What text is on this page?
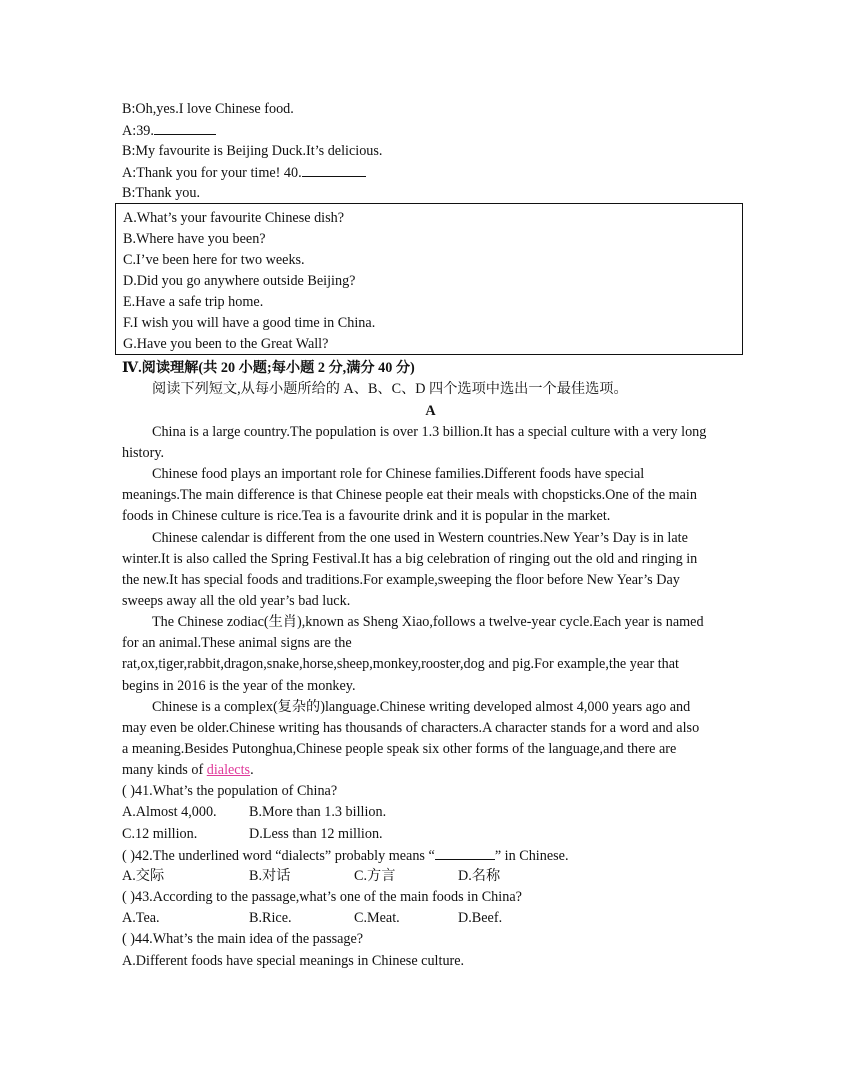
B:Oh,yes.I love Chinese food.
A:39.
B:My favourite is Beijing Duck.It’s delicious.
A:Thank you for your time! 40.
B:Thank you.
A.What’s your favourite Chinese dish?
B.Where have you been?
C.I’ve been here for two weeks.
D.Did you go anywhere outside Beijing?
E.Have a safe trip home.
F.I wish you will have a good time in China.
G.Have you been to the Great Wall?
Ⅳ.阅读理解(共 20 小题;每小题 2 分,满分 40 分)
阅读下列短文,从每小题所给的 A、B、C、D 四个选项中选出一个最佳选项。
A
China is a large country.The population is over 1.3 billion.It has a special culture with a very long
history.
Chinese food plays an important role for Chinese families.Different foods have special
meanings.The main difference is that Chinese people eat their meals with chopsticks.One of the main
foods in Chinese culture is rice.Tea is a favourite drink and it is popular in the market.
Chinese calendar is different from the one used in Western countries.New Year’s Day is in late
winter.It is also called the Spring Festival.It has a big celebration of ringing out the old and ringing in
the new.It has special foods and traditions.For example,sweeping the floor before New Year’s Day
sweeps away all the old year’s bad luck.
The Chinese zodiac(生肖),known as Sheng Xiao,follows a twelve-year cycle.Each year is named
for an animal.These animal signs are the
rat,ox,tiger,rabbit,dragon,snake,horse,sheep,monkey,rooster,dog and pig.For example,the year that
begins in 2016 is the year of the monkey.
Chinese is a complex(复杂的)language.Chinese writing developed almost 4,000 years ago and
may even be older.Chinese writing has thousands of characters.A character stands for a word and also
a meaning.Besides Putonghua,Chinese people speak six other forms of the language,and there are
many kinds of dialects.
( )41.What’s the population of China?
A.Almost 4,000. B.More than 1.3 billion.
C.12 million.	D.Less than 12 million.
( )42.The underlined word “dialects” probably means “	” in Chinese.
A.交际	B.对话	C.方言	D.名称
( )43.According to the passage,what’s one of the main foods in China?
A.Tea.	B.Rice.	C.Meat.	D.Beef.
( )44.What’s the main idea of the passage?
A.Different foods have special meanings in Chinese culture.
